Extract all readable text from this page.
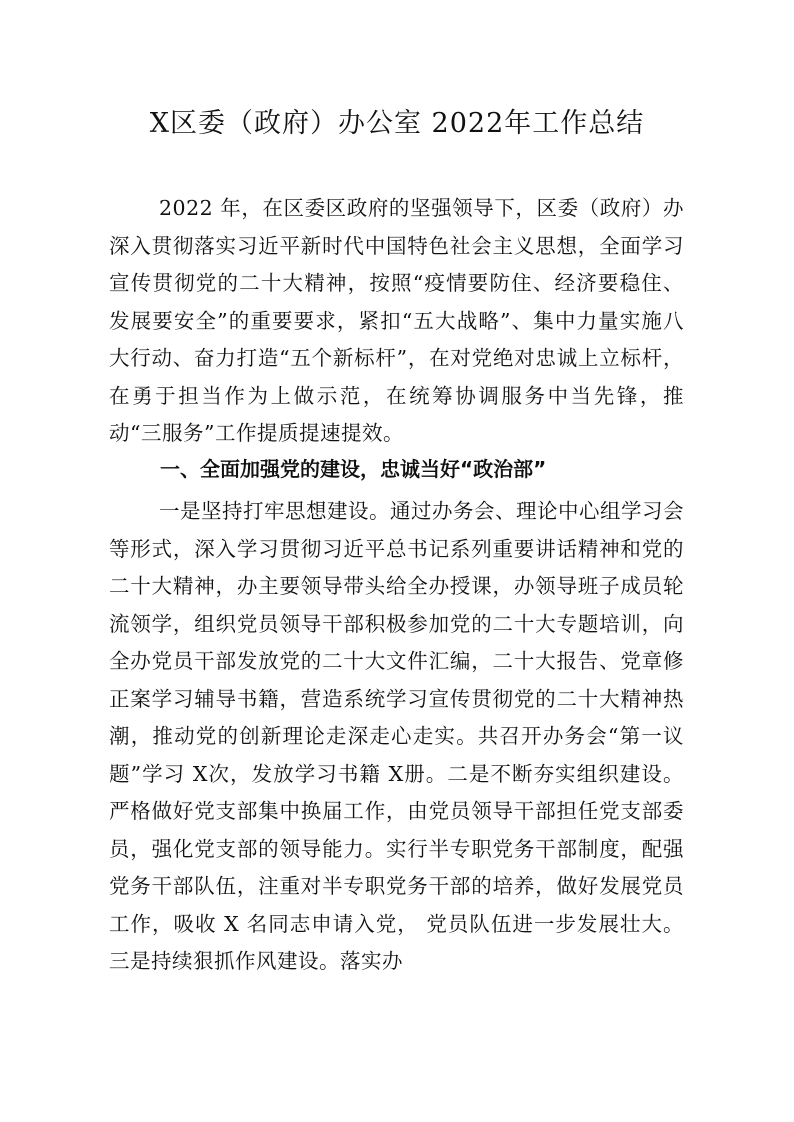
X区委（政府）办公室 2022年工作总结
2022 年，在区委区政府的坚强领导下，区委（政府）办深入贯彻落实习近平新时代中国特色社会主义思想，全面学习宣传贯彻党的二十大精神，按照“疫情要防住、经济要稳住、发展要安全”的重要要求，紧扣“五大战略”、集中力量实施八大行动、奋力打造“五个新标杆”，在对党绝对忠诚上立标杆，在勇于担当作为上做示范，在统筹协调服务中当先锋，推动“三服务”工作提质提速提效。
一、全面加强党的建设，忠诚当好“政治部”
一是坚持打牢思想建设。通过办务会、理论中心组学习会等形式，深入学习贯彻习近平总书记系列重要讲话精神和党的二十大精神，办主要领导带头给全办授课，办领导班子成员轮流领学，组织党员领导干部积极参加党的二十大专题培训，向全办党员干部发放党的二十大文件汇编，二十大报告、党章修正案学习辅导书籍，营造系统学习宣传贯彻党的二十大精神热潮，推动党的创新理论走深走心走实。共召开办务会“第一议题”学习 X次，发放学习书籍 X册。二是不断夯实组织建设。严格做好党支部集中换届工作，由党员领导干部担任党支部委员，强化党支部的领导能力。实行半专职党务干部制度，配强党务干部队伍，注重对半专职党务干部的培养，做好发展党员工作，吸收 X 名同志申请入党， 党员队伍进一步发展壮大。三是持续狠抓作风建设。落实办
